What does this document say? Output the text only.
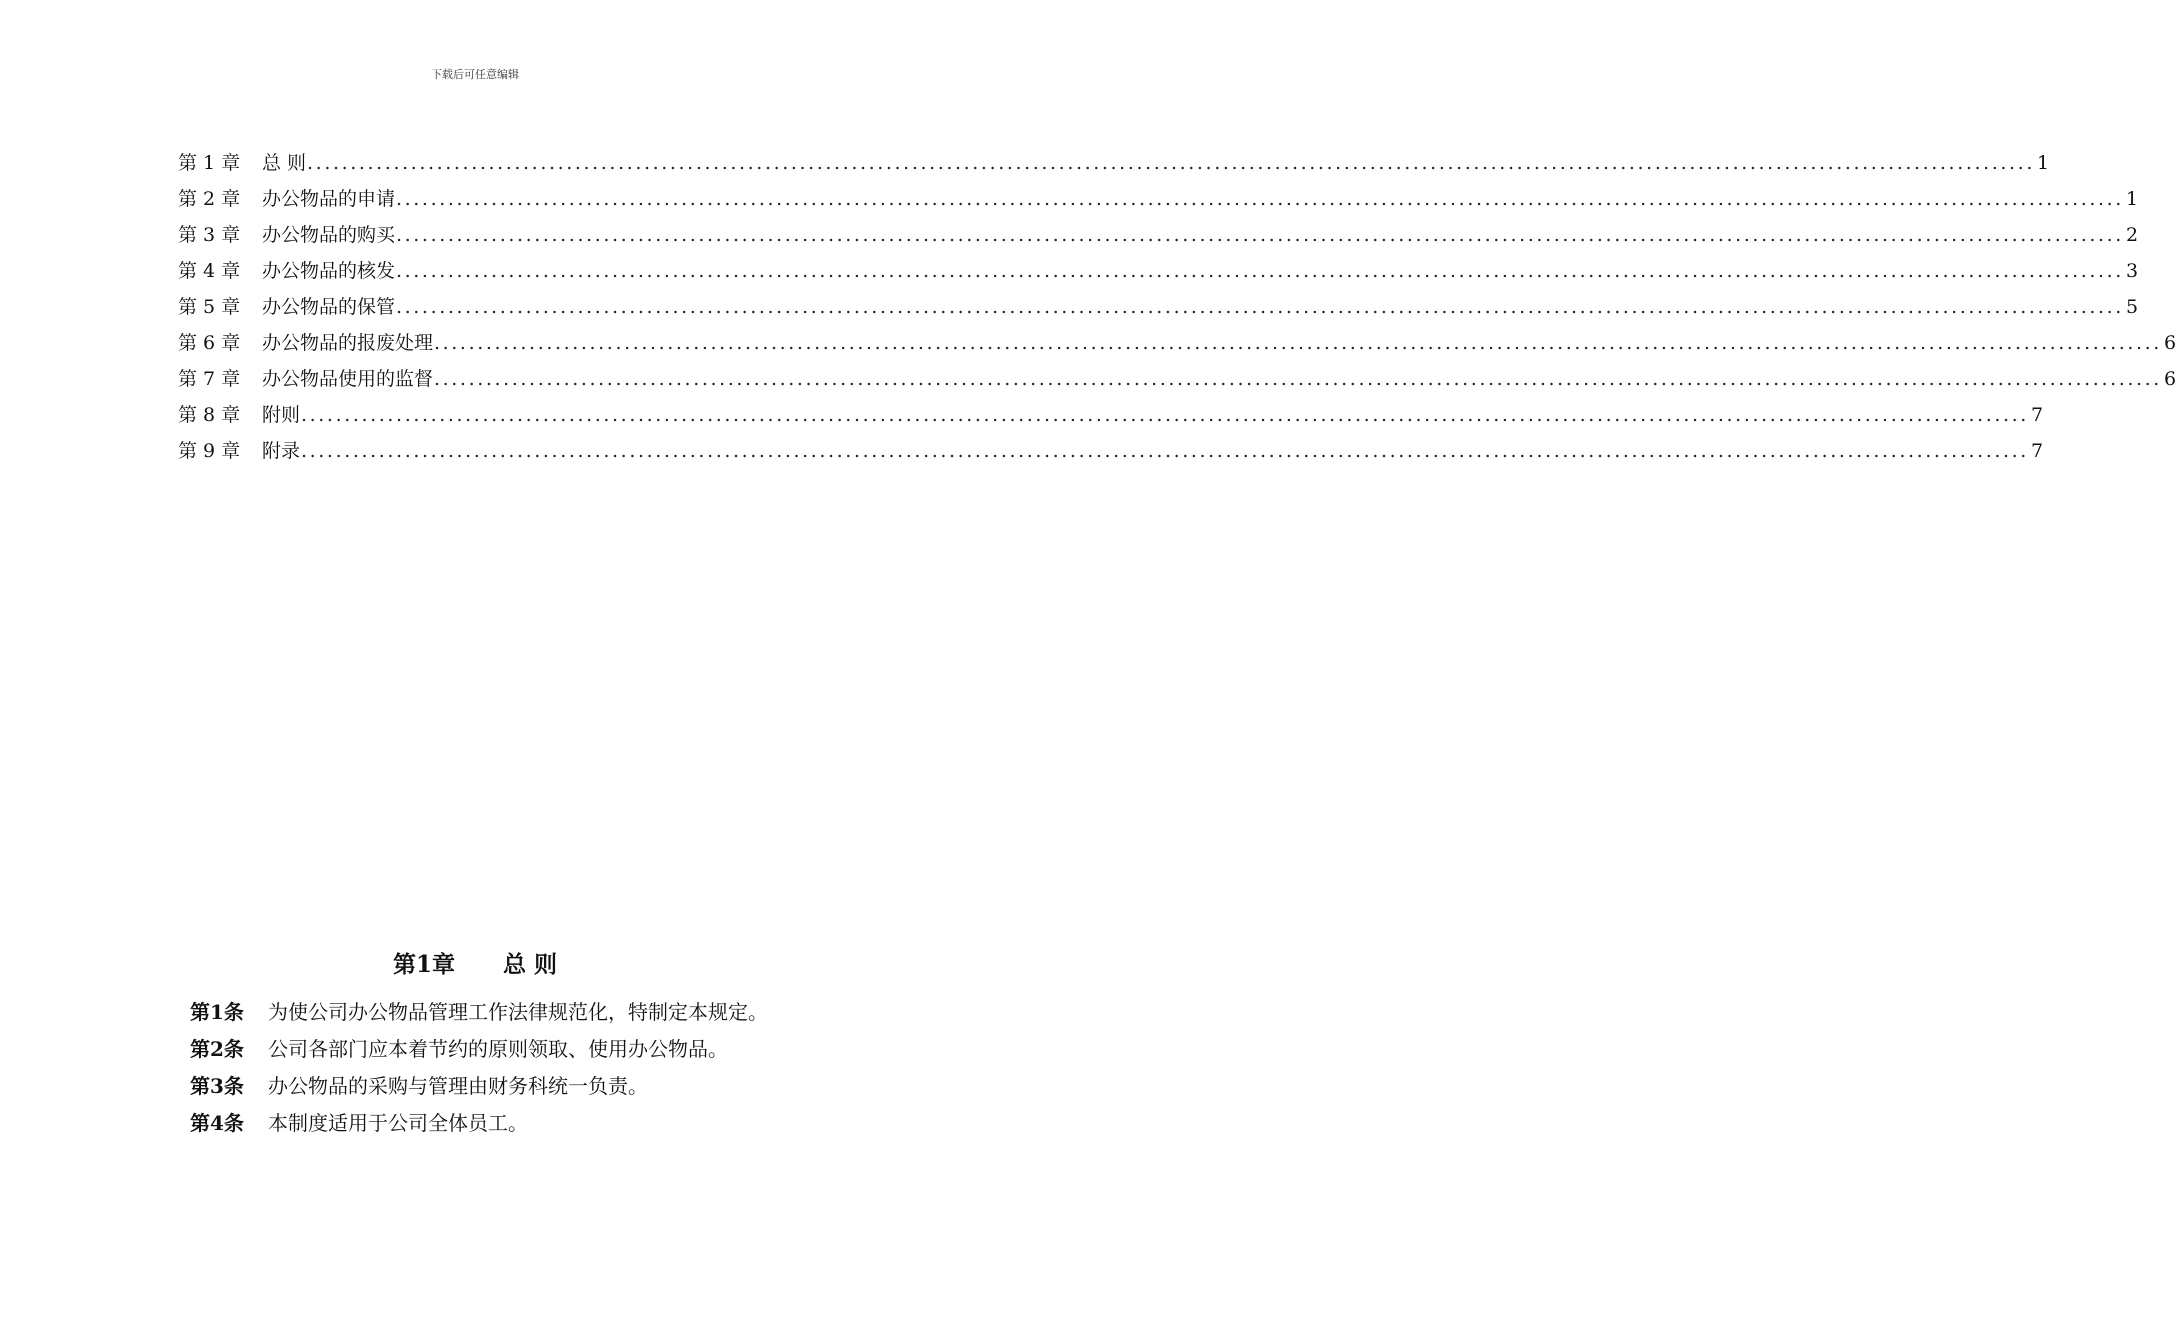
下载后可任意编辑
第 1 章	总 则 ........................................................................................................................................................................................................ 1
第 2 章	办公物品的申请 ........................................................................................................................................................................................................ 1
第 3 章	办公物品的购买 ........................................................................................................................................................................................................ 2
第 4 章	办公物品的核发 ........................................................................................................................................................................................................ 3
第 5 章	办公物品的保管 ........................................................................................................................................................................................................ 5
第 6 章	办公物品的报废处理 ........................................................................................................................................................................................................ 6
第 7 章	办公物品使用的监督 ........................................................................................................................................................................................................ 6
第 8 章	附则 ........................................................................................................................................................................................................ 7
第 9 章	附录 ........................................................................................................................................................................................................ 7
第1章      总 则
第1条	为使公司办公物品管理工作法律规范化，特制定本规定。
第2条	公司各部门应本着节约的原则领取、使用办公物品。
第3条	办公物品的采购与管理由财务科统一负责。
第4条	本制度适用于公司全体员工。
